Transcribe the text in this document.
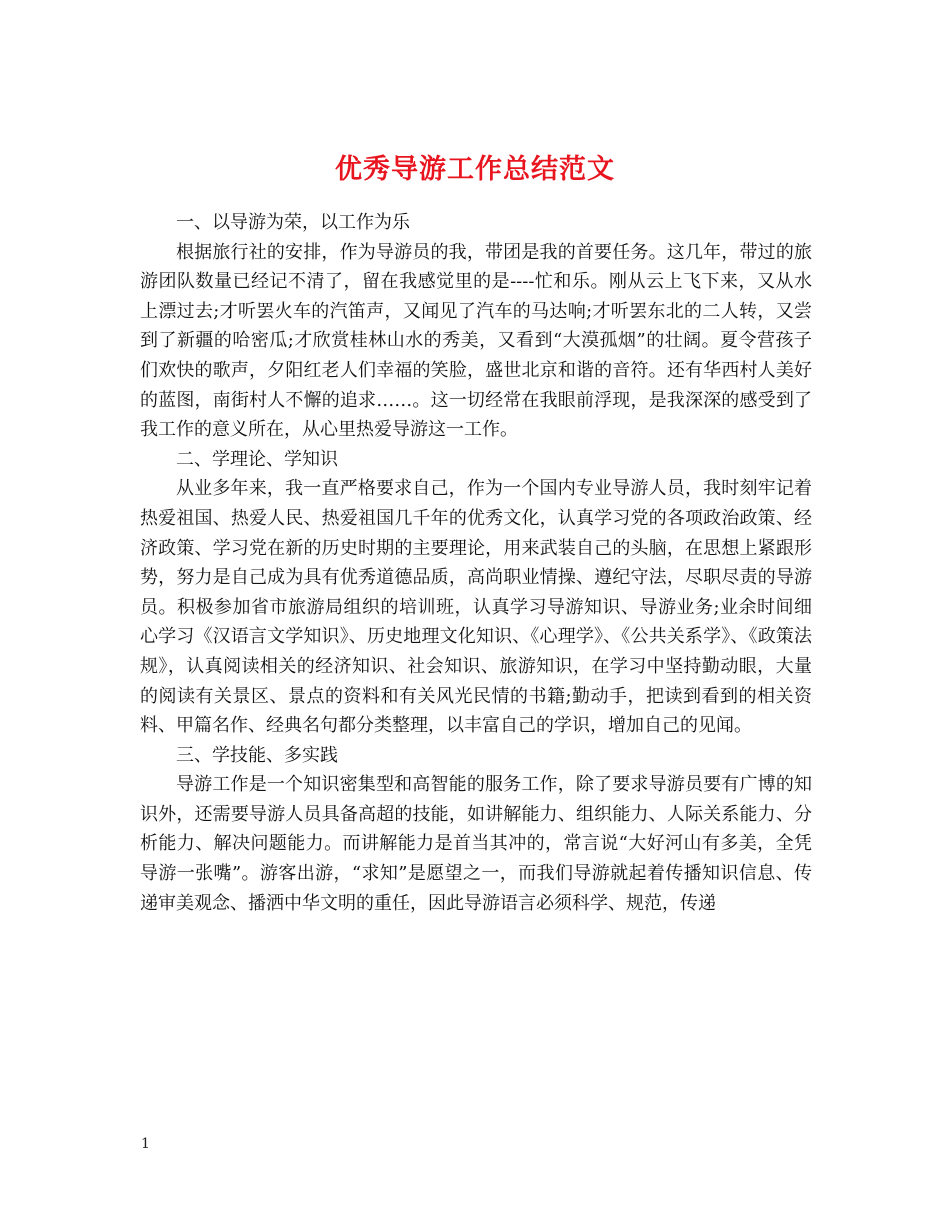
优秀导游工作总结范文

一、以导游为荣，以工作为乐

根据旅行社的安排，作为导游员的我，带团是我的首要任务。这几年，带过的旅游团队数量已经记不清了，留在我感觉里的是----忙和乐。刚从云上飞下来，又从水上漂过去;才听罢火车的汽笛声，又闻见了汽车的马达响;才听罢东北的二人转，又尝到了新疆的哈密瓜;才欣赏桂林山水的秀美，又看到“大漠孤烟”的壮阔。夏令营孩子们欢快的歌声，夕阳红老人们幸福的笑脸，盛世北京和谐的音符。还有华西村人美好的蓝图，南街村人不懈的追求……。这一切经常在我眼前浮现，是我深深的感受到了我工作的意义所在，从心里热爱导游这一工作。

二、学理论、学知识

从业多年来，我一直严格要求自己，作为一个国内专业导游人员，我时刻牢记着热爱祖国、热爱人民、热爱祖国几千年的优秀文化，认真学习党的各项政治政策、经济政策、学习党在新的历史时期的主要理论，用来武装自己的头脑，在思想上紧跟形势，努力是自己成为具有优秀道德品质，高尚职业情操、遵纪守法，尽职尽责的导游员。积极参加省市旅游局组织的培训班，认真学习导游知识、导游业务;业余时间细心学习《汉语言文学知识》、历史地理文化知识、《心理学》、《公共关系学》、《政策法规》，认真阅读相关的经济知识、社会知识、旅游知识，在学习中坚持勤动眼，大量的阅读有关景区、景点的资料和有关风光民情的书籍;勤动手，把读到看到的相关资料、甲篇名作、经典名句都分类整理，以丰富自己的学识，增加自己的见闻。

三、学技能、多实践

导游工作是一个知识密集型和高智能的服务工作，除了要求导游员要有广博的知识外，还需要导游人员具备高超的技能，如讲解能力、组织能力、人际关系能力、分析能力、解决问题能力。而讲解能力是首当其冲的，常言说“大好河山有多美，全凭导游一张嘴”。游客出游，“求知”是愿望之一，而我们导游就起着传播知识信息、传递审美观念、播洒中华文明的重任，因此导游语言必须科学、规范，传递

1
